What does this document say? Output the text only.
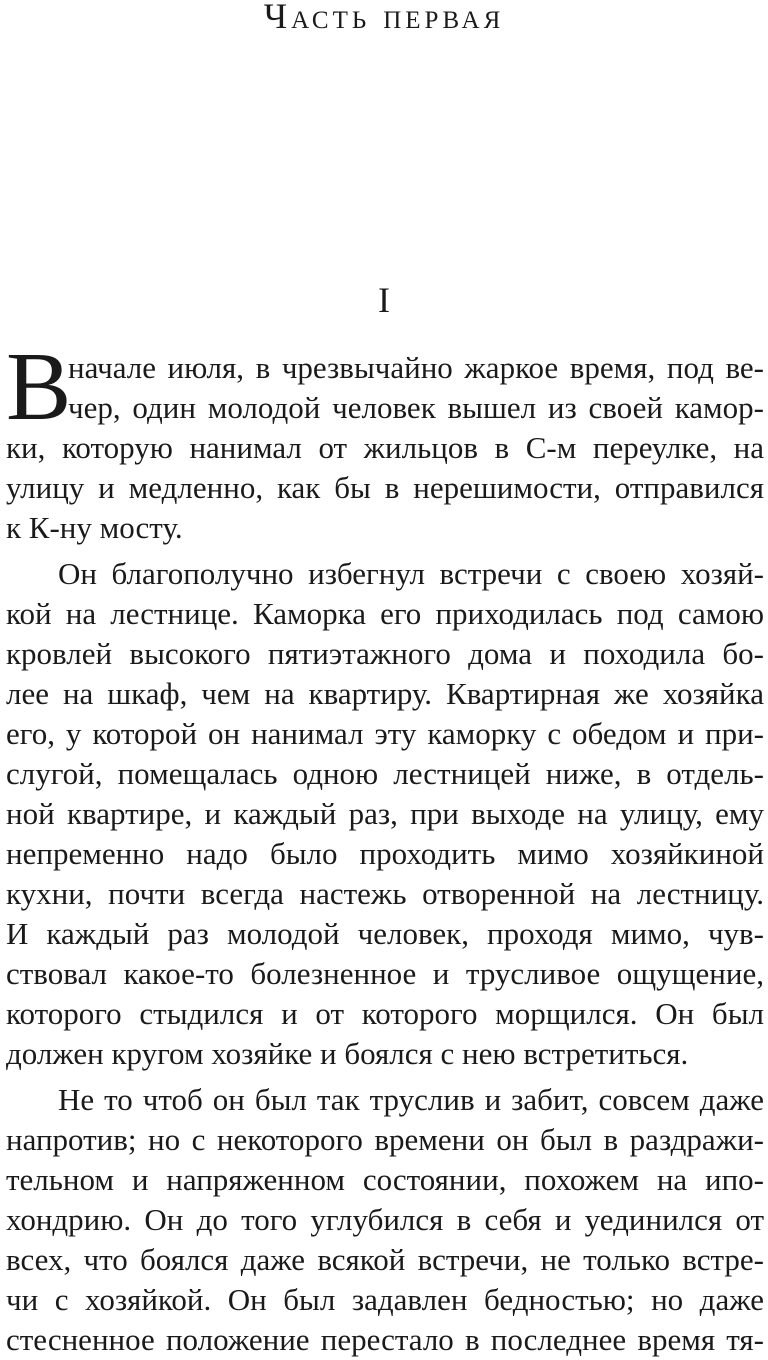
Часть первая
I
В
начале июля, в чрезвычайно жаркое время, под ве-
чер, один молодой человек вышел из своей камор-
ки, которую нанимал от жильцов в С-м переулке, на
улицу и медленно, как бы в нерешимости, отправился
к К-ну мосту.
Он благополучно избегнул встречи с своею хозяй-
кой на лестнице. Каморка его приходилась под самою
кровлей высокого пятиэтажного дома и походила бо-
лее на шкаф, чем на квартиру. Квартирная же хозяйка
его, у которой он нанимал эту каморку с обедом и при-
слугой, помещалась одною лестницей ниже, в отдель-
ной квартире, и каждый раз, при выходе на улицу, ему
непременно надо было проходить мимо хозяйкиной
кухни, почти всегда настежь отворенной на лестницу.
И каждый раз молодой человек, проходя мимо, чув-
ствовал какое-то болезненное и трусливое ощущение,
которого стыдился и от которого морщился. Он был
должен кругом хозяйке и боялся с нею встретиться.
Не то чтоб он был так труслив и забит, совсем даже
напротив; но с некоторого времени он был в раздражи-
тельном и напряженном состоянии, похожем на ипо-
хондрию. Он до того углубился в себя и уединился от
всех, что боялся даже всякой встречи, не только встре-
чи с хозяйкой. Он был задавлен бедностью; но даже
стесненное положение перестало в последнее время тя-
